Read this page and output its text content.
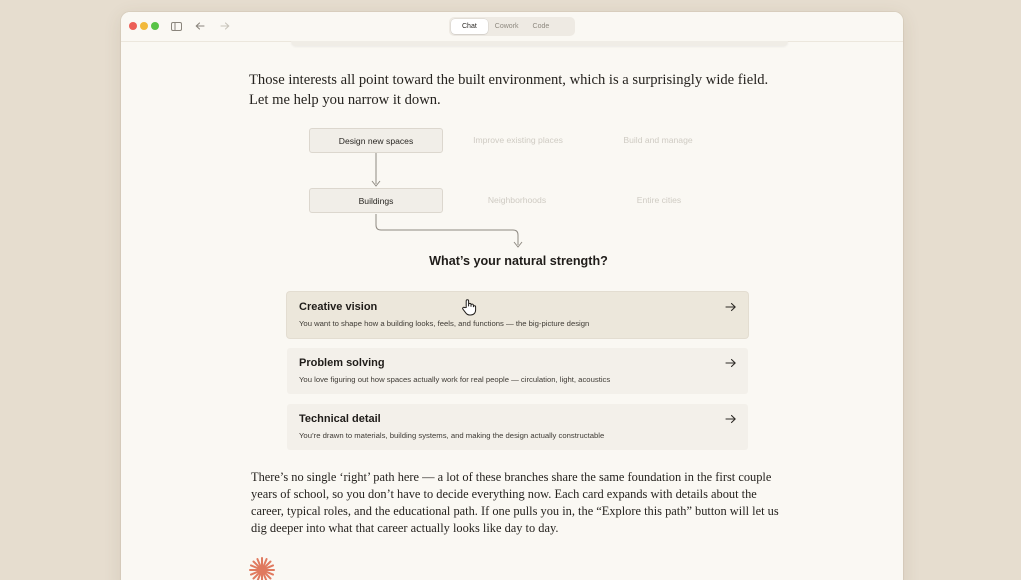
Chat	Cowork	Code

Those interests all point toward the built environment, which is a surprisingly wide field. Let me help you narrow it down.

Design new spaces	Improve existing places	Build and manage
Buildings	Neighborhoods	Entire cities
What’s your natural strength?
Creative vision
You want to shape how a building looks, feels, and functions — the big-picture design
Problem solving
You love figuring out how spaces actually work for real people — circulation, light, acoustics
Technical detail
You’re drawn to materials, building systems, and making the design actually constructable

There’s no single ‘right’ path here — a lot of these branches share the same foundation in the first couple years of school, so you don’t have to decide everything now. Each card expands with details about the career, typical roles, and the educational path. If one pulls you in, the “Explore this path” button will let us dig deeper into what that career actually looks like day to day.
